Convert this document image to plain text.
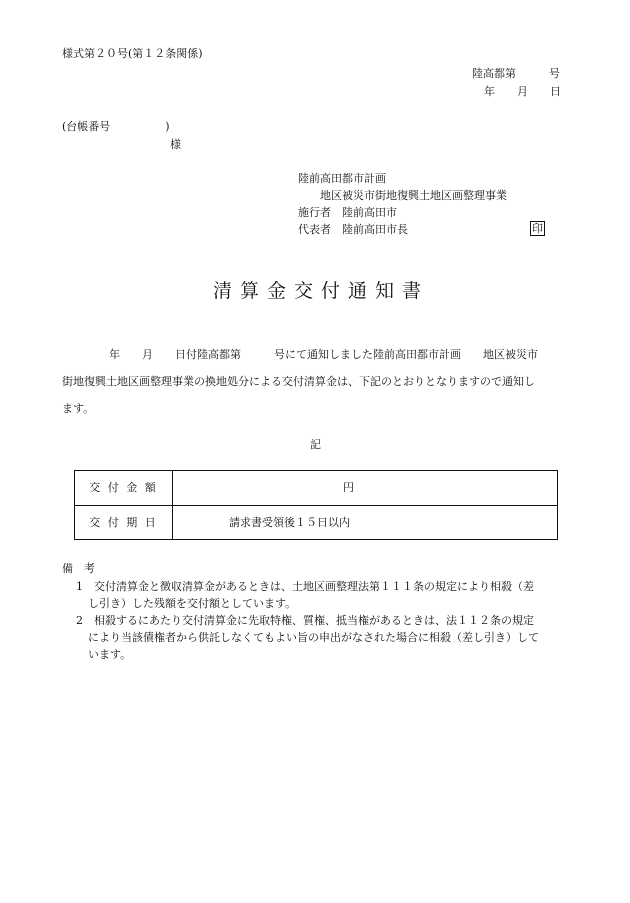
様式第２０号(第１２条関係)
陸高都第　　　号
年　　月　　日
(台帳番号　　　　　)
様
陸前高田都市計画
地区被災市街地復興土地区画整理事業
施行者　陸前高田市
代表者　陸前高田市長	印
清算金交付通知書
年　　月　　日付陸高都第　　　号にて通知しました陸前高田都市計画　　地区被災市
街地復興土地区画整理事業の換地処分による交付清算金は、下記のとおりとなりますので通知し
ます。
記
交 付 金 額	円
交 付 期 日	請求書受領後１５日以内
備　考
1　交付清算金と徴収清算金があるときは、土地区画整理法第１１１条の規定により相殺（差
し引き）した残額を交付額としています。
2　相殺するにあたり交付清算金に先取特権、質権、抵当権があるときは、法１１２条の規定
により当該債権者から供託しなくてもよい旨の申出がなされた場合に相殺（差し引き）して
います。
